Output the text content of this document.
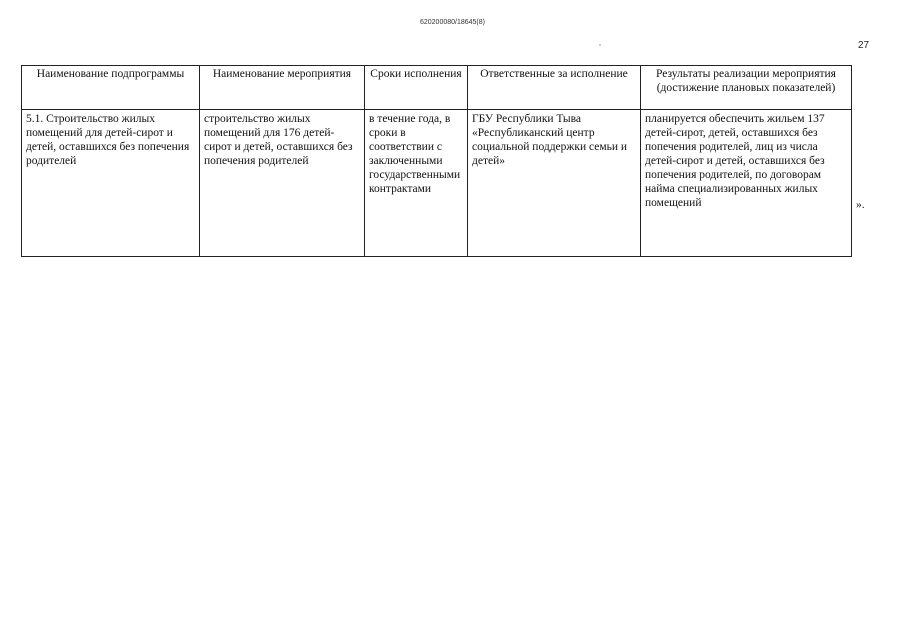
620200080/18645(8)
27
Наименование подпрограммы	Наименование мероприятия	Сроки исполнения	Ответственные за исполнение	Результаты реализации мероприятия (достижение плановых показателей)
5.1. Строительство жилых помещений для детей-сирот и детей, оставшихся без попечения родителей	строительство жилых помещений для 176 детей-сирот и детей, оставшихся без попечения родителей	в течение года, в сроки в соответствии с заключенными государственными контрактами	ГБУ Республики Тыва «Республиканский центр социальной поддержки семьи и детей»	планируется обеспечить жильем 137 детей-сирот, детей, оставшихся без попечения родителей, лиц из числа детей-сирот и детей, оставшихся без попечения родителей, по договорам найма специализированных жилых помещений	».
